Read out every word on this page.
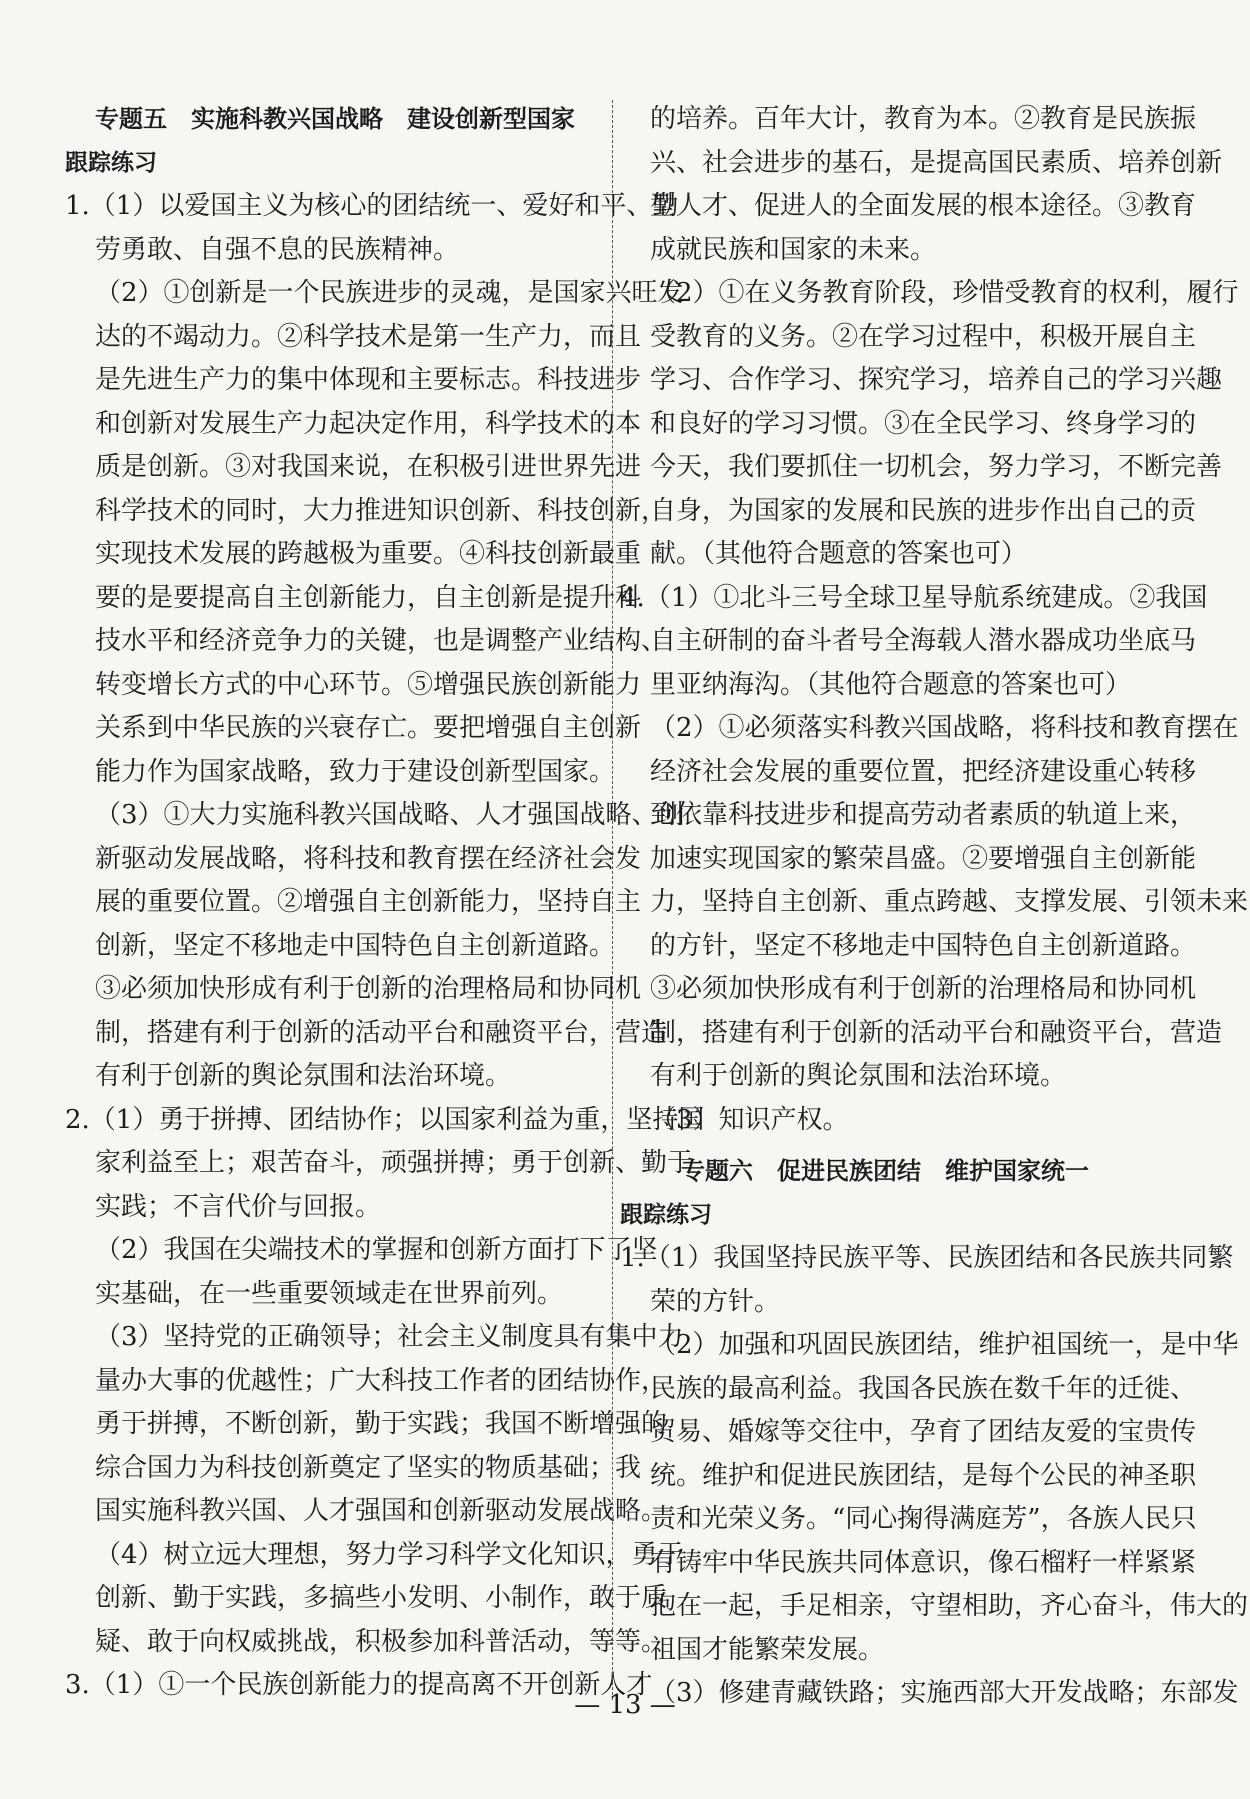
专题五　实施科教兴国战略　建设创新型国家
跟踪练习
1.（1）以爱国主义为核心的团结统一、爱好和平、勤
劳勇敢、自强不息的民族精神。
（2）①创新是一个民族进步的灵魂，是国家兴旺发
达的不竭动力。②科学技术是第一生产力，而且
是先进生产力的集中体现和主要标志。科技进步
和创新对发展生产力起决定作用，科学技术的本
质是创新。③对我国来说，在积极引进世界先进
科学技术的同时，大力推进知识创新、科技创新，
实现技术发展的跨越极为重要。④科技创新最重
要的是要提高自主创新能力，自主创新是提升科
技水平和经济竞争力的关键，也是调整产业结构、
转变增长方式的中心环节。⑤增强民族创新能力
关系到中华民族的兴衰存亡。要把增强自主创新
能力作为国家战略，致力于建设创新型国家。
（3）①大力实施科教兴国战略、人才强国战略、创
新驱动发展战略，将科技和教育摆在经济社会发
展的重要位置。②增强自主创新能力，坚持自主
创新，坚定不移地走中国特色自主创新道路。
③必须加快形成有利于创新的治理格局和协同机
制，搭建有利于创新的活动平台和融资平台，营造
有利于创新的舆论氛围和法治环境。
2.（1）勇于拼搏、团结协作；以国家利益为重，坚持国
家利益至上；艰苦奋斗，顽强拼搏；勇于创新、勤于
实践；不言代价与回报。
（2）我国在尖端技术的掌握和创新方面打下了坚
实基础，在一些重要领域走在世界前列。
（3）坚持党的正确领导；社会主义制度具有集中力
量办大事的优越性；广大科技工作者的团结协作，
勇于拼搏，不断创新，勤于实践；我国不断增强的
综合国力为科技创新奠定了坚实的物质基础；我
国实施科教兴国、人才强国和创新驱动发展战略。
（4）树立远大理想，努力学习科学文化知识，勇于
创新、勤于实践，多搞些小发明、小制作，敢于质
疑、敢于向权威挑战，积极参加科普活动，等等。
3.（1）①一个民族创新能力的提高离不开创新人才
的培养。百年大计，教育为本。②教育是民族振
兴、社会进步的基石，是提高国民素质、培养创新
型人才、促进人的全面发展的根本途径。③教育
成就民族和国家的未来。
（2）①在义务教育阶段，珍惜受教育的权利，履行
受教育的义务。②在学习过程中，积极开展自主
学习、合作学习、探究学习，培养自己的学习兴趣
和良好的学习习惯。③在全民学习、终身学习的
今天，我们要抓住一切机会，努力学习，不断完善
自身，为国家的发展和民族的进步作出自己的贡
献。（其他符合题意的答案也可）
4.（1）①北斗三号全球卫星导航系统建成。②我国
自主研制的奋斗者号全海载人潜水器成功坐底马
里亚纳海沟。（其他符合题意的答案也可）
（2）①必须落实科教兴国战略，将科技和教育摆在
经济社会发展的重要位置，把经济建设重心转移
到依靠科技进步和提高劳动者素质的轨道上来，
加速实现国家的繁荣昌盛。②要增强自主创新能
力，坚持自主创新、重点跨越、支撑发展、引领未来
的方针，坚定不移地走中国特色自主创新道路。
③必须加快形成有利于创新的治理格局和协同机
制，搭建有利于创新的活动平台和融资平台，营造
有利于创新的舆论氛围和法治环境。
（3）知识产权。
专题六　促进民族团结　维护国家统一
跟踪练习
1.（1）我国坚持民族平等、民族团结和各民族共同繁
荣的方针。
（2）加强和巩固民族团结，维护祖国统一，是中华
民族的最高利益。我国各民族在数千年的迁徙、
贸易、婚嫁等交往中，孕育了团结友爱的宝贵传
统。维护和促进民族团结，是每个公民的神圣职
责和光荣义务。“同心掬得满庭芳”，各族人民只
有铸牢中华民族共同体意识，像石榴籽一样紧紧
抱在一起，手足相亲，守望相助，齐心奋斗，伟大的
祖国才能繁荣发展。
（3）修建青藏铁路；实施西部大开发战略；东部发
— 13 —
